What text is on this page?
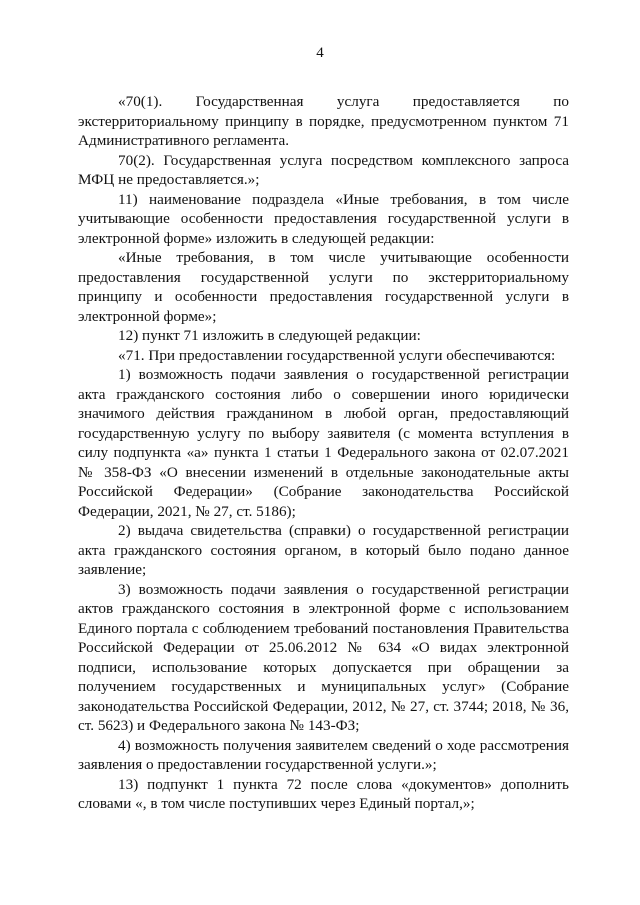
4

«70(1). Государственная услуга предоставляется по экстерриториальному принципу в порядке, предусмотренном пунктом 71 Административного регламента.

70(2). Государственная услуга посредством комплексного запроса МФЦ не предоставляется.»;

11) наименование подраздела «Иные требования, в том числе учитывающие особенности предоставления государственной услуги в электронной форме» изложить в следующей редакции:

«Иные требования, в том числе учитывающие особенности предоставления государственной услуги по экстерриториальному принципу и особенности предоставления государственной услуги в электронной форме»;

12) пункт 71 изложить в следующей редакции:

«71. При предоставлении государственной услуги обеспечиваются:

1) возможность подачи заявления о государственной регистрации акта гражданского состояния либо о совершении иного юридически значимого действия гражданином в любой орган, предоставляющий государственную услугу по выбору заявителя (с момента вступления в силу подпункта «а» пункта 1 статьи 1 Федерального закона от 02.07.2021 № 358-ФЗ «О внесении изменений в отдельные законодательные акты Российской Федерации» (Собрание законодательства Российской Федерации, 2021, № 27, ст. 5186);

2) выдача свидетельства (справки) о государственной регистрации акта гражданского состояния органом, в который было подано данное заявление;

3) возможность подачи заявления о государственной регистрации актов гражданского состояния в электронной форме с использованием Единого портала с соблюдением требований постановления Правительства Российской Федерации от 25.06.2012 № 634 «О видах электронной подписи, использование которых допускается при обращении за получением государственных и муниципальных услуг» (Собрание законодательства Российской Федерации, 2012, № 27, ст. 3744; 2018, № 36, ст. 5623) и Федерального закона № 143-ФЗ;

4) возможность получения заявителем сведений о ходе рассмотрения заявления о предоставлении государственной услуги.»;

13) подпункт 1 пункта 72 после слова «документов» дополнить словами «, в том числе поступивших через Единый портал,»;
